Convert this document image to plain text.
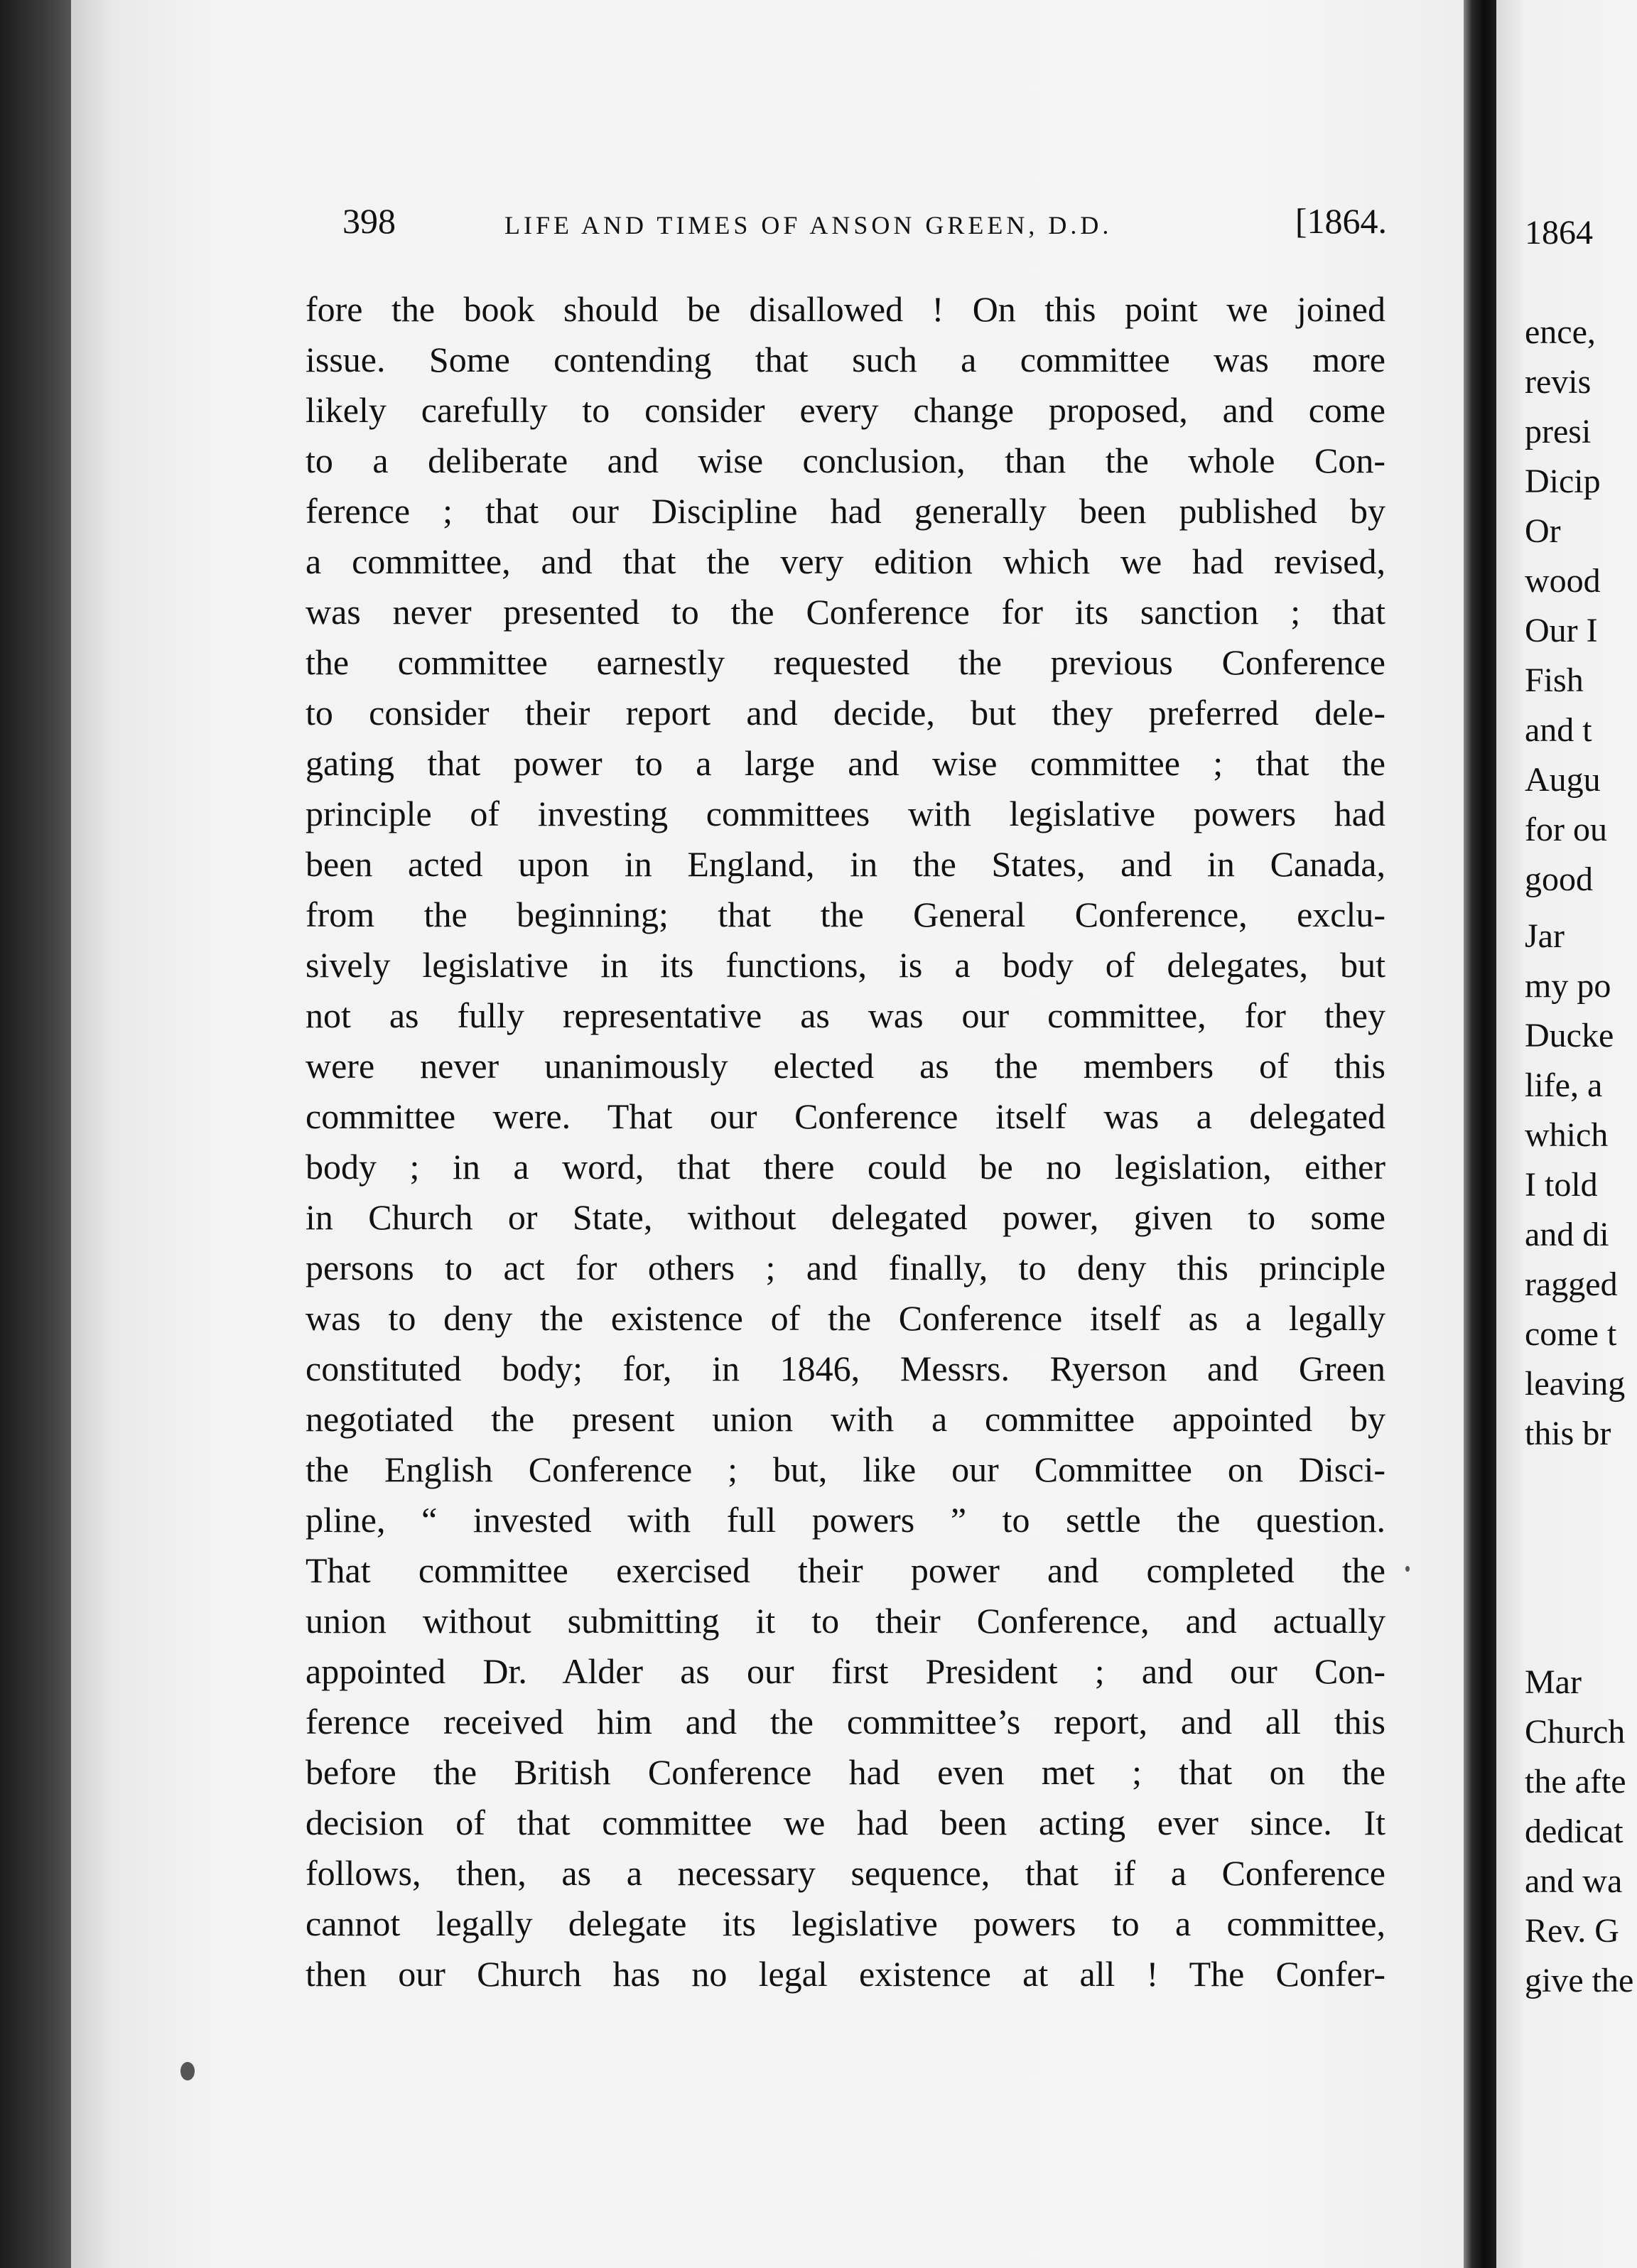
398	LIFE AND TIMES OF ANSON GREEN, D.D.	[1864.
fore the book should be disallowed ! On this point we joined
issue. Some contending that such a committee was more
likely carefully to consider every change proposed, and come
to a deliberate and wise conclusion, than the whole Con-
ference ; that our Discipline had generally been published by
a committee, and that the very edition which we had revised,
was never presented to the Conference for its sanction ; that
the committee earnestly requested the previous Conference
to consider their report and decide, but they preferred dele-
gating that power to a large and wise committee ; that the
principle of investing committees with legislative powers had
been acted upon in England, in the States, and in Canada,
from the beginning; that the General Conference, exclu-
sively legislative in its functions, is a body of delegates, but
not as fully representative as was our committee, for they
were never unanimously elected as the members of this
committee were. That our Conference itself was a delegated
body ; in a word, that there could be no legislation, either
in Church or State, without delegated power, given to some
persons to act for others ; and finally, to deny this principle
was to deny the existence of the Conference itself as a legally
constituted body; for, in 1846, Messrs. Ryerson and Green
negotiated the present union with a committee appointed by
the English Conference ; but, like our Committee on Disci-
pline, “ invested with full powers ” to settle the question.
That committee exercised their power and completed the
union without submitting it to their Conference, and actually
appointed Dr. Alder as our first President ; and our Con-
ference received him and the committee’s report, and all this
before the British Conference had even met ; that on the
decision of that committee we had been acting ever since. It
follows, then, as a necessary sequence, that if a Conference
cannot legally delegate its legislative powers to a committee,
then our Church has no legal existence at all ! The Confer-
1864
ence,
revis
presi
Dicip
Or
wood
Our I
Fish
and t
Augu
for ou
good
Jar
my po
Ducke
life, a
which
I told
and di
ragged
come t
leaving
this br
Mar
Church
the afte
dedicat
and wa
Rev. G
give the
